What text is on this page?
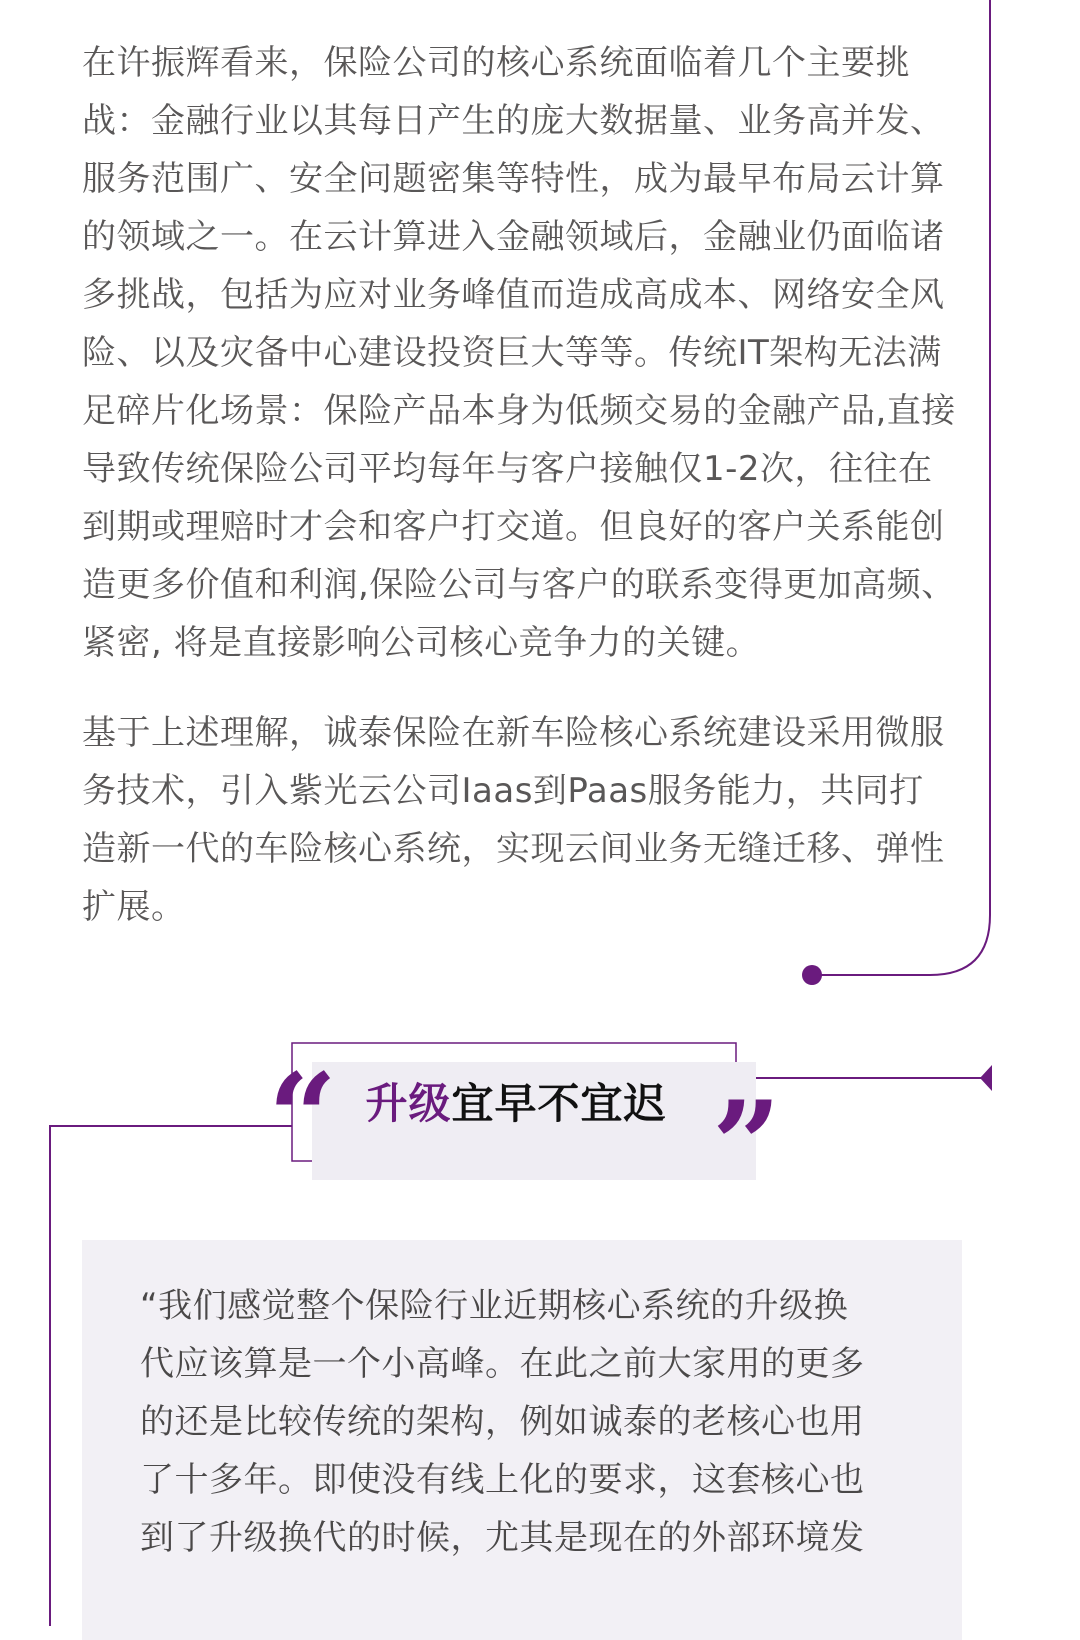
在许振辉看来，保险公司的核心系统面临着几个主要挑
战：金融行业以其每日产生的庞大数据量、业务高并发、
服务范围广、安全问题密集等特性，成为最早布局云计算
的领域之一。在云计算进入金融领域后，金融业仍面临诸
多挑战，包括为应对业务峰值而造成高成本、网络安全风
险、以及灾备中心建设投资巨大等等。传统IT架构无法满
足碎片化场景：保险产品本身为低频交易的金融产品,直接
导致传统保险公司平均每年与客户接触仅1-2次，往往在
到期或理赔时才会和客户打交道。但良好的客户关系能创
造更多价值和利润,保险公司与客户的联系变得更加高频、
紧密, 将是直接影响公司核心竞争力的关键。
基于上述理解，诚泰保险在新车险核心系统建设采用微服
务技术，引入紫光云公司Iaas到Paas服务能力，共同打
造新一代的车险核心系统，实现云间业务无缝迁移、弹性
扩展。
“ 升级宜早不宜迟 ”
“我们感觉整个保险行业近期核心系统的升级换
代应该算是一个小高峰。在此之前大家用的更多
的还是比较传统的架构，例如诚泰的老核心也用
了十多年。即使没有线上化的要求，这套核心也
到了升级换代的时候，尤其是现在的外部环境发
